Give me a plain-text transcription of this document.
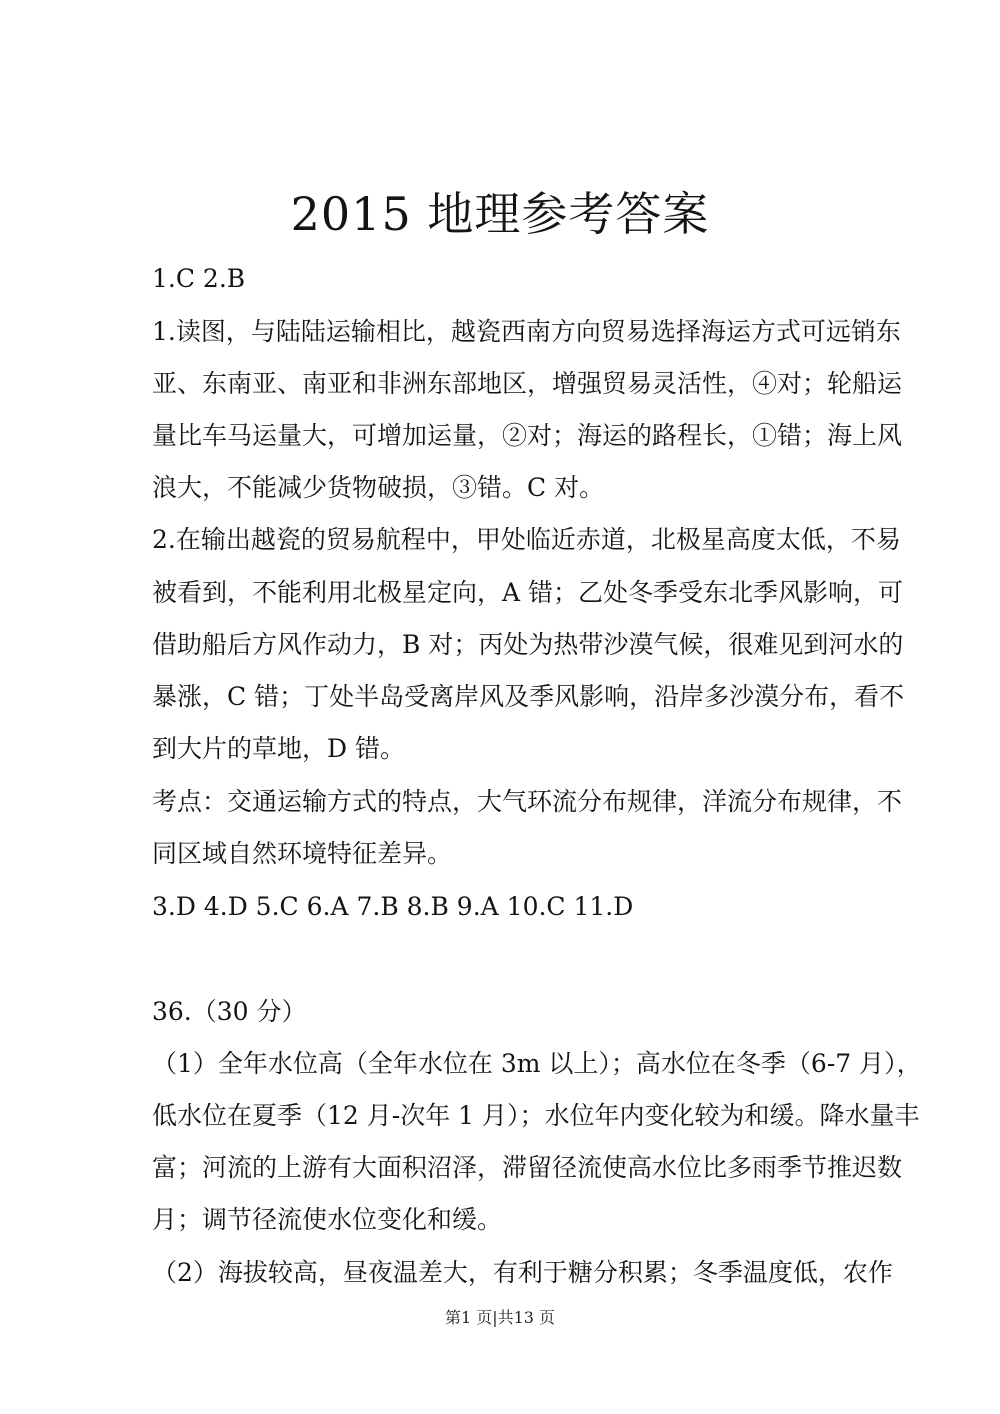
2015 地理参考答案

1.C 2.B

1.读图，与陆陆运输相比，越瓷西南方向贸易选择海运方式可远销东

亚、东南亚、南亚和非洲东部地区，增强贸易灵活性，④对；轮船运

量比车马运量大，可增加运量，②对；海运的路程长，①错；海上风

浪大，不能减少货物破损，③错。C 对。

2.在输出越瓷的贸易航程中，甲处临近赤道，北极星高度太低，不易

被看到，不能利用北极星定向，A 错；乙处冬季受东北季风影响，可

借助船后方风作动力，B 对；丙处为热带沙漠气候，很难见到河水的

暴涨，C 错；丁处半岛受离岸风及季风影响，沿岸多沙漠分布，看不

到大片的草地，D 错。

考点：交通运输方式的特点，大气环流分布规律，洋流分布规律，不

同区域自然环境特征差异。

3.D 4.D 5.C 6.A 7.B 8.B 9.A 10.C 11.D

36.（30 分）

（1）全年水位高（全年水位在 3m 以上）；高水位在冬季（6-7 月），

低水位在夏季（12 月-次年 1 月）；水位年内变化较为和缓。降水量丰

富；河流的上游有大面积沼泽，滞留径流使高水位比多雨季节推迟数

月；调节径流使水位变化和缓。

（2）海拔较高，昼夜温差大，有利于糖分积累；冬季温度低，农作

第1 页|共13 页
